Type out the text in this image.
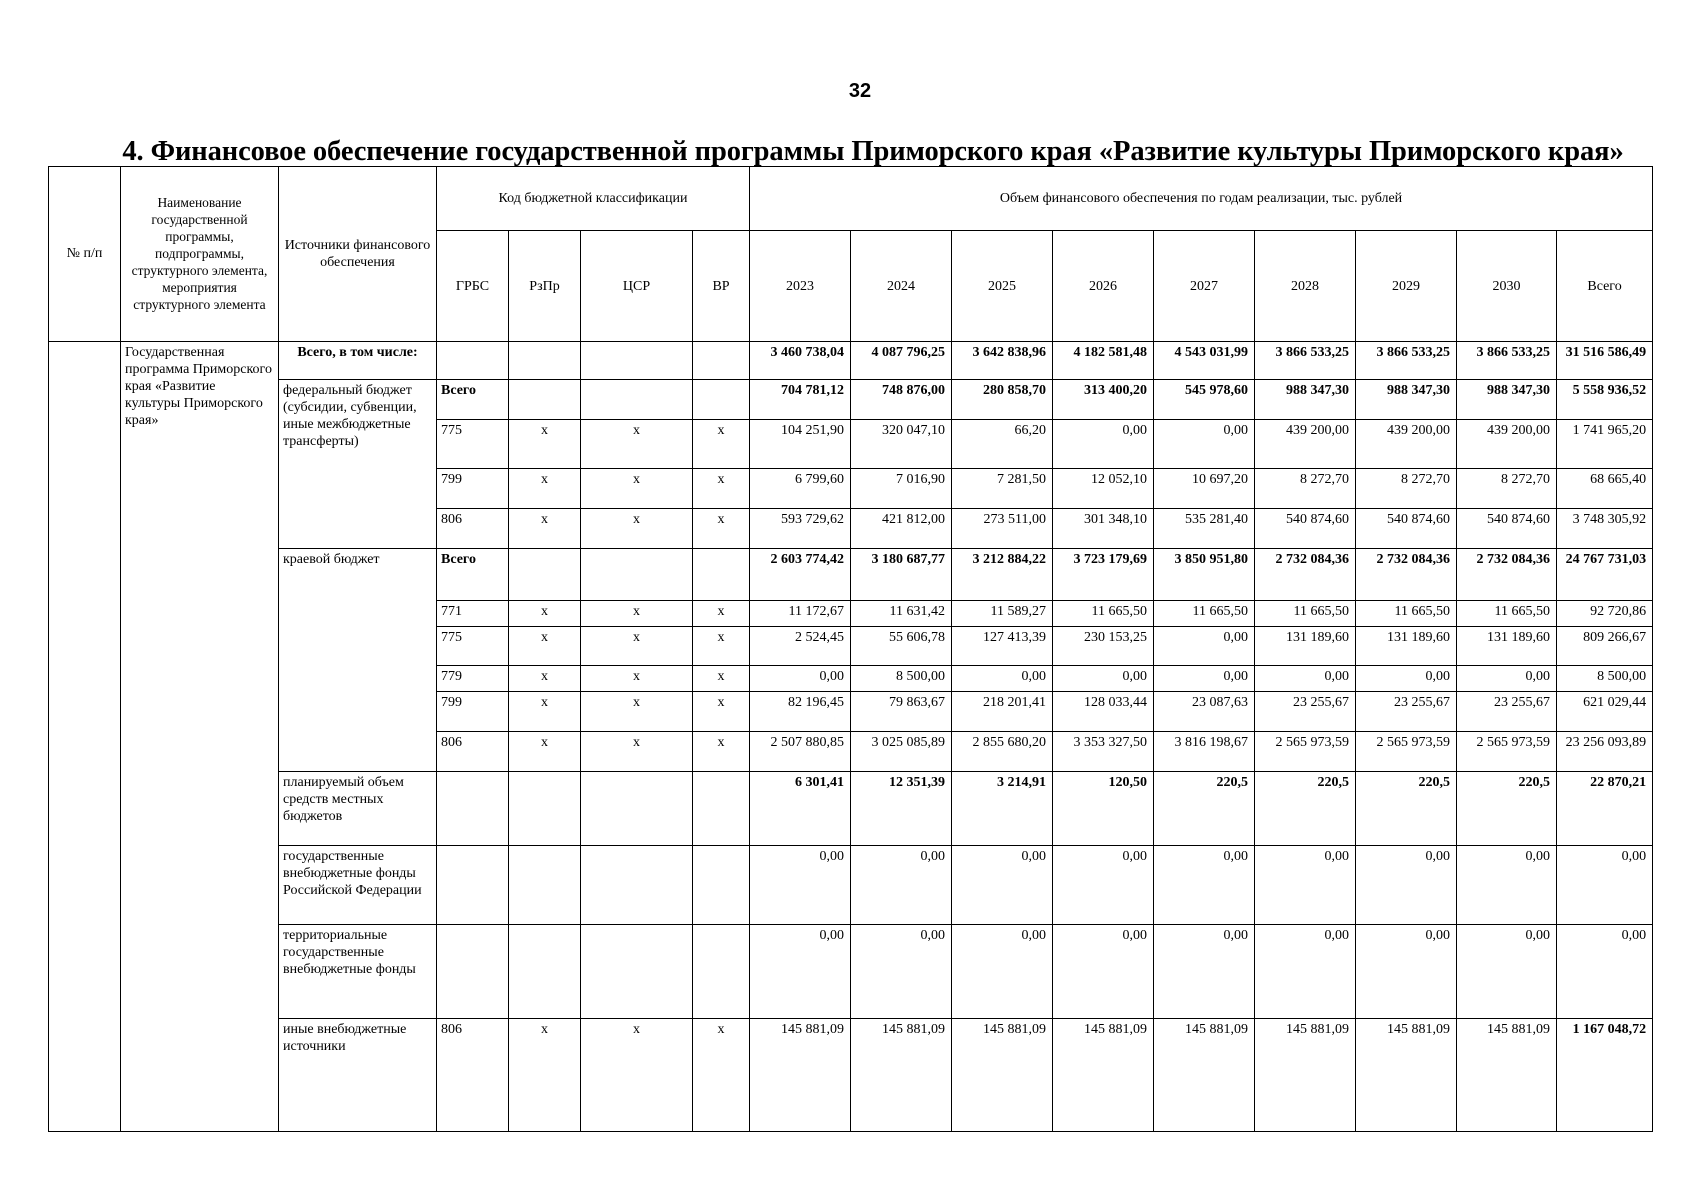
32
4. Финансовое обеспечение государственной программы Приморского края «Развитие культуры Приморского края»
№ п/п	Наименование государственной программы, подпрограммы, структурного элемента, мероприятия структурного элемента	Источники финансового обеспечения	Код бюджетной классификации				Объем финансового обеспечения по годам реализации, тыс. рублей								
			ГРБС	РзПр	ЦСР	ВР	2023	2024	2025	2026	2027	2028	2029	2030	Всего
	Государственная программа Приморского края «Развитие культуры Приморского края»	Всего, в том числе:					3 460 738,04	4 087 796,25	3 642 838,96	4 182 581,48	4 543 031,99	3 866 533,25	3 866 533,25	3 866 533,25	31 516 586,49
		федеральный бюджет (субсидии, субвенции, иные межбюджетные трансферты)	Всего				704 781,12	748 876,00	280 858,70	313 400,20	545 978,60	988 347,30	988 347,30	988 347,30	5 558 936,52
			775	x	x	x	104 251,90	320 047,10	66,20	0,00	0,00	439 200,00	439 200,00	439 200,00	1 741 965,20
			799	x	x	x	6 799,60	7 016,90	7 281,50	12 052,10	10 697,20	8 272,70	8 272,70	8 272,70	68 665,40
			806	x	x	x	593 729,62	421 812,00	273 511,00	301 348,10	535 281,40	540 874,60	540 874,60	540 874,60	3 748 305,92
		краевой бюджет	Всего				2 603 774,42	3 180 687,77	3 212 884,22	3 723 179,69	3 850 951,80	2 732 084,36	2 732 084,36	2 732 084,36	24 767 731,03
			771	x	x	x	11 172,67	11 631,42	11 589,27	11 665,50	11 665,50	11 665,50	11 665,50	11 665,50	92 720,86
			775	x	x	x	2 524,45	55 606,78	127 413,39	230 153,25	0,00	131 189,60	131 189,60	131 189,60	809 266,67
			779	x	x	x	0,00	8 500,00	0,00	0,00	0,00	0,00	0,00	0,00	8 500,00
			799	x	x	x	82 196,45	79 863,67	218 201,41	128 033,44	23 087,63	23 255,67	23 255,67	23 255,67	621 029,44
			806	x	x	x	2 507 880,85	3 025 085,89	2 855 680,20	3 353 327,50	3 816 198,67	2 565 973,59	2 565 973,59	2 565 973,59	23 256 093,89
		планируемый объем средств местных бюджетов					6 301,41	12 351,39	3 214,91	120,50	220,5	220,5	220,5	220,5	22 870,21
		государственные внебюджетные фонды Российской Федерации					0,00	0,00	0,00	0,00	0,00	0,00	0,00	0,00	0,00
		территориальные государственные внебюджетные фонды					0,00	0,00	0,00	0,00	0,00	0,00	0,00	0,00	0,00
		иные внебюджетные источники	806	x	x	x	145 881,09	145 881,09	145 881,09	145 881,09	145 881,09	145 881,09	145 881,09	145 881,09	1 167 048,72
